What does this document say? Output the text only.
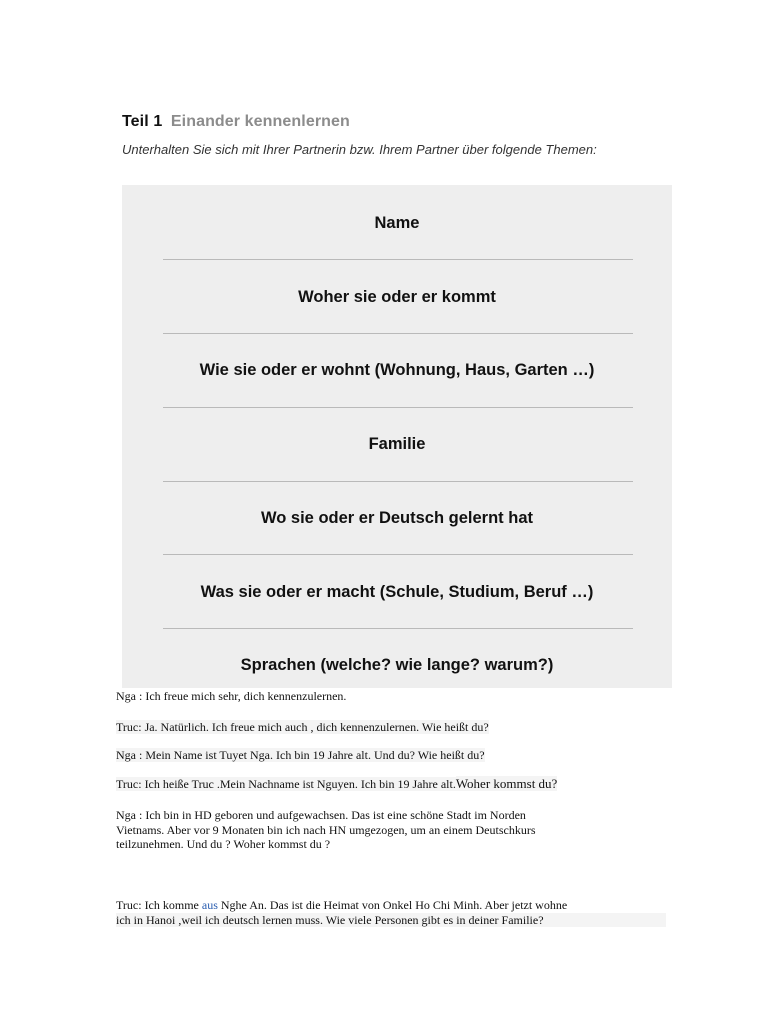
Teil 1 Einander kennenlernen
Unterhalten Sie sich mit Ihrer Partnerin bzw. Ihrem Partner über folgende Themen:
Name
Woher sie oder er kommt
Wie sie oder er wohnt (Wohnung, Haus, Garten …)
Familie
Wo sie oder er Deutsch gelernt hat
Was sie oder er macht (Schule, Studium, Beruf …)
Sprachen (welche? wie lange? warum?)
Nga : Ich freue mich sehr, dich kennenzulernen.
Truc: Ja. Natürlich. Ich freue mich auch , dich kennenzulernen. Wie heißt du?
Nga : Mein Name ist Tuyet Nga. Ich bin 19 Jahre alt. Und du? Wie heißt du?
Truc: Ich heiße Truc .Mein Nachname ist Nguyen. Ich bin 19 Jahre alt.Woher kommst du?
Nga : Ich bin in HD geboren und aufgewachsen. Das ist eine schöne Stadt im Norden
Vietnams. Aber vor 9 Monaten bin ich nach HN umgezogen, um an einem Deutschkurs
teilzunehmen. Und du ? Woher kommst du ?
Truc: Ich komme aus Nghe An. Das ist die Heimat von Onkel Ho Chi Minh. Aber jetzt wohne
ich in Hanoi ,weil ich deutsch lernen muss. Wie viele Personen gibt es in deiner Familie?
